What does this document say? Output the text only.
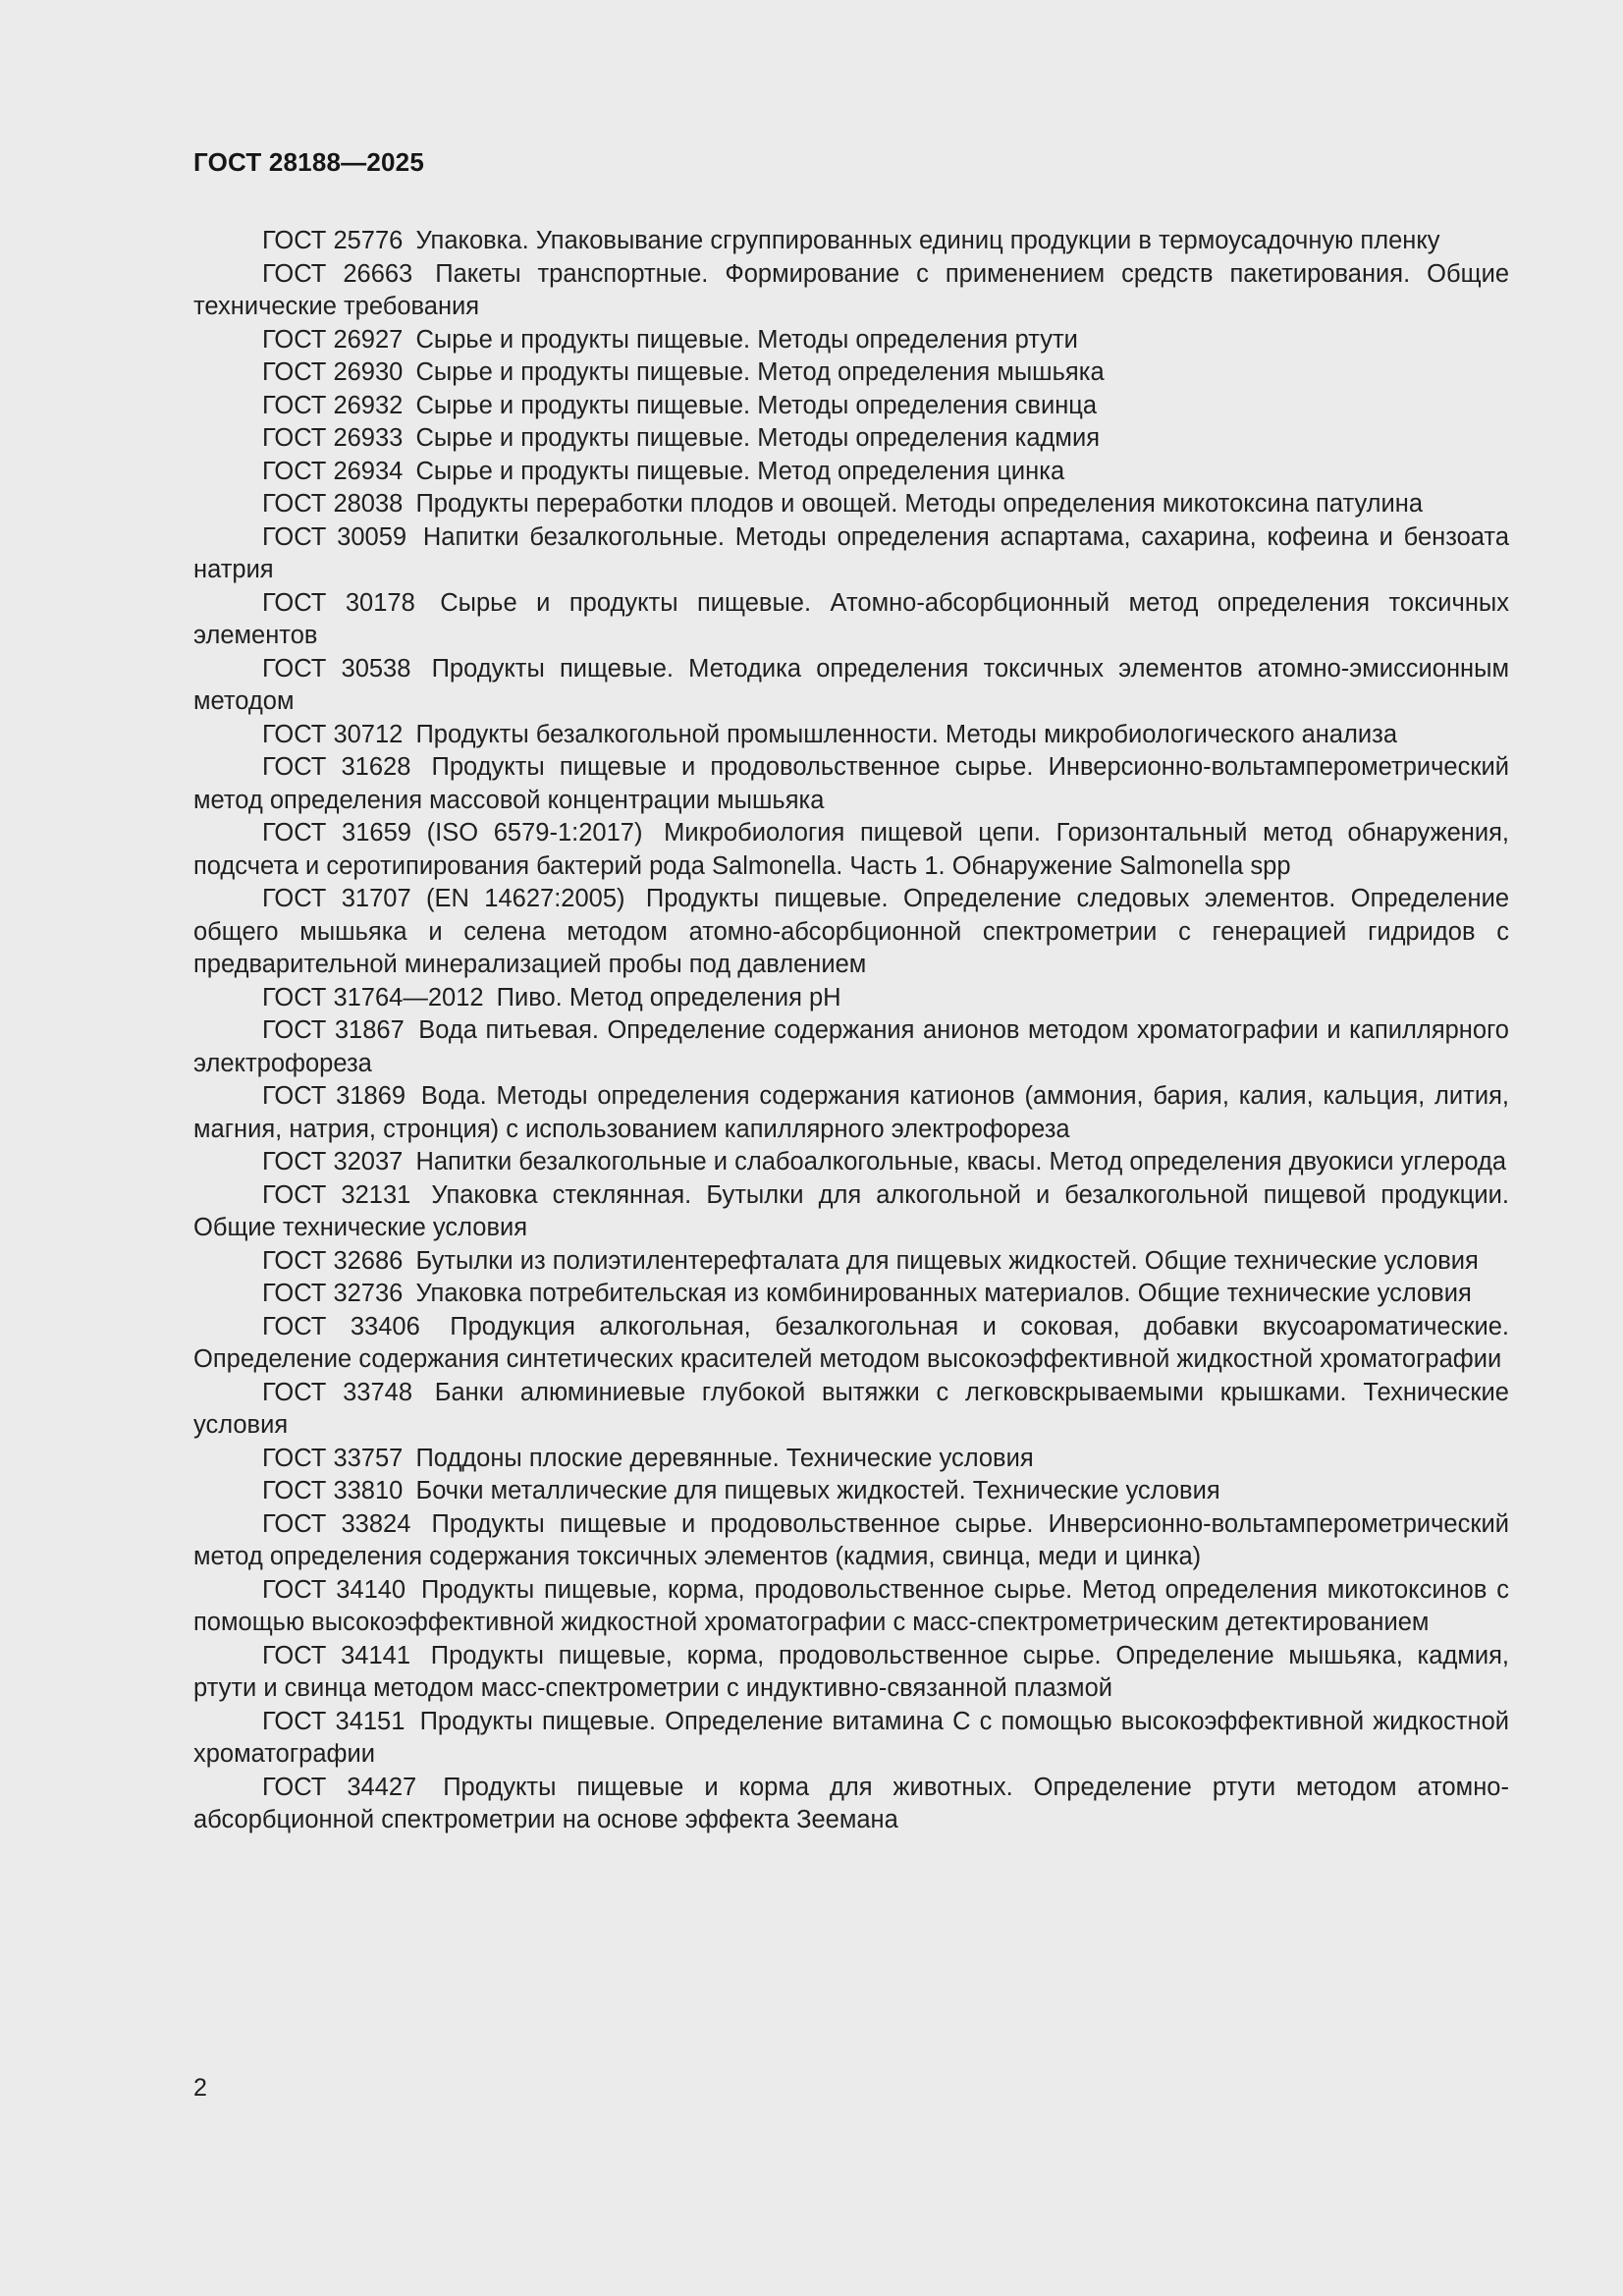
ГОСТ 28188—2025

ГОСТ 25776 Упаковка. Упаковывание сгруппированных единиц продукции в термоусадочную пленку

ГОСТ 26663 Пакеты транспортные. Формирование с применением средств пакетирования. Общие технические требования

ГОСТ 26927 Сырье и продукты пищевые. Методы определения ртути

ГОСТ 26930 Сырье и продукты пищевые. Метод определения мышьяка

ГОСТ 26932 Сырье и продукты пищевые. Методы определения свинца

ГОСТ 26933 Сырье и продукты пищевые. Методы определения кадмия

ГОСТ 26934 Сырье и продукты пищевые. Метод определения цинка

ГОСТ 28038 Продукты переработки плодов и овощей. Методы определения микотоксина патулина

ГОСТ 30059 Напитки безалкогольные. Методы определения аспартама, сахарина, кофеина и бензоата натрия

ГОСТ 30178 Сырье и продукты пищевые. Атомно-абсорбционный метод определения токсичных элементов

ГОСТ 30538 Продукты пищевые. Методика определения токсичных элементов атомно-эмиссионным методом

ГОСТ 30712 Продукты безалкогольной промышленности. Методы микробиологического анализа

ГОСТ 31628 Продукты пищевые и продовольственное сырье. Инверсионно-вольтамперометрический метод определения массовой концентрации мышьяка

ГОСТ 31659 (ISO 6579-1:2017) Микробиология пищевой цепи. Горизонтальный метод обнаружения, подсчета и серотипирования бактерий рода Salmonella. Часть 1. Обнаружение Salmonella spp

ГОСТ 31707 (EN 14627:2005) Продукты пищевые. Определение следовых элементов. Определение общего мышьяка и селена методом атомно-абсорбционной спектрометрии с генерацией гидридов с предварительной минерализацией пробы под давлением

ГОСТ 31764—2012 Пиво. Метод определения pH

ГОСТ 31867 Вода питьевая. Определение содержания анионов методом хроматографии и капиллярного электрофореза

ГОСТ 31869 Вода. Методы определения содержания катионов (аммония, бария, калия, кальция, лития, магния, натрия, стронция) с использованием капиллярного электрофореза

ГОСТ 32037 Напитки безалкогольные и слабоалкогольные, квасы. Метод определения двуокиси углерода

ГОСТ 32131 Упаковка стеклянная. Бутылки для алкогольной и безалкогольной пищевой продукции. Общие технические условия

ГОСТ 32686 Бутылки из полиэтилентерефталата для пищевых жидкостей. Общие технические условия

ГОСТ 32736 Упаковка потребительская из комбинированных материалов. Общие технические условия

ГОСТ 33406 Продукция алкогольная, безалкогольная и соковая, добавки вкусоароматические. Определение содержания синтетических красителей методом высокоэффективной жидкостной хроматографии

ГОСТ 33748 Банки алюминиевые глубокой вытяжки с легковскрываемыми крышками. Технические условия

ГОСТ 33757 Поддоны плоские деревянные. Технические условия

ГОСТ 33810 Бочки металлические для пищевых жидкостей. Технические условия

ГОСТ 33824 Продукты пищевые и продовольственное сырье. Инверсионно-вольтамперометрический метод определения содержания токсичных элементов (кадмия, свинца, меди и цинка)

ГОСТ 34140 Продукты пищевые, корма, продовольственное сырье. Метод определения микотоксинов с помощью высокоэффективной жидкостной хроматографии с масс-спектрометрическим детектированием

ГОСТ 34141 Продукты пищевые, корма, продовольственное сырье. Определение мышьяка, кадмия, ртути и свинца методом масс-спектрометрии с индуктивно-связанной плазмой

ГОСТ 34151 Продукты пищевые. Определение витамина С с помощью высокоэффективной жидкостной хроматографии

ГОСТ 34427 Продукты пищевые и корма для животных. Определение ртути методом атомно-абсорбционной спектрометрии на основе эффекта Зеемана

2
